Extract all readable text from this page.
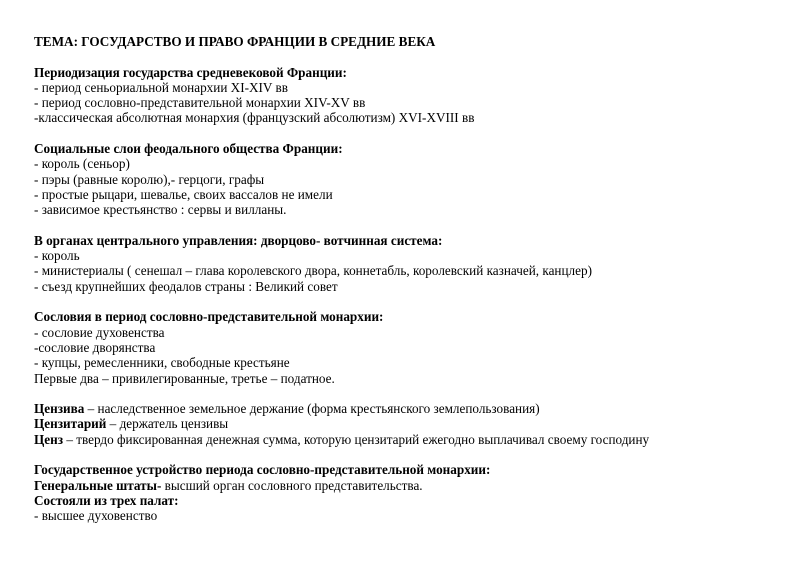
ТЕМА: ГОСУДАРСТВО И ПРАВО ФРАНЦИИ В СРЕДНИЕ ВЕКА
Периодизация государства средневековой Франции:
- период сеньориальной монархии XI-XIV вв
- период сословно-представительной монархии XIV-XV вв
-классическая абсолютная монархия (французский абсолютизм) XVI-XVIII вв
Социальные слои феодального общества Франции:
- король (сеньор)
- пэры (равные королю),- герцоги, графы
- простые рыцари, шевалье, своих вассалов не имели
- зависимое крестьянство : сервы и вилланы.
В органах центрального управления: дворцово- вотчинная система:
- король
- министериалы ( сенешал – глава королевского двора, коннетабль, королевский казначей, канцлер)
- съезд крупнейших феодалов страны : Великий совет
Сословия в период сословно-представительной монархии:
- сословие духовенства
-сословие дворянства
- купцы, ремесленники, свободные крестьяне
Первые два – привилегированные, третье – податное.
Цензива – наследственное земельное держание (форма крестьянского землепользования)
Цензитарий – держатель цензивы
Ценз – твердо фиксированная денежная сумма, которую цензитарий ежегодно выплачивал своему господину
Государственное устройство периода сословно-представительной монархии:
Генеральные штаты- высший орган сословного представительства.
Состояли из трех палат:
- высшее духовенство
